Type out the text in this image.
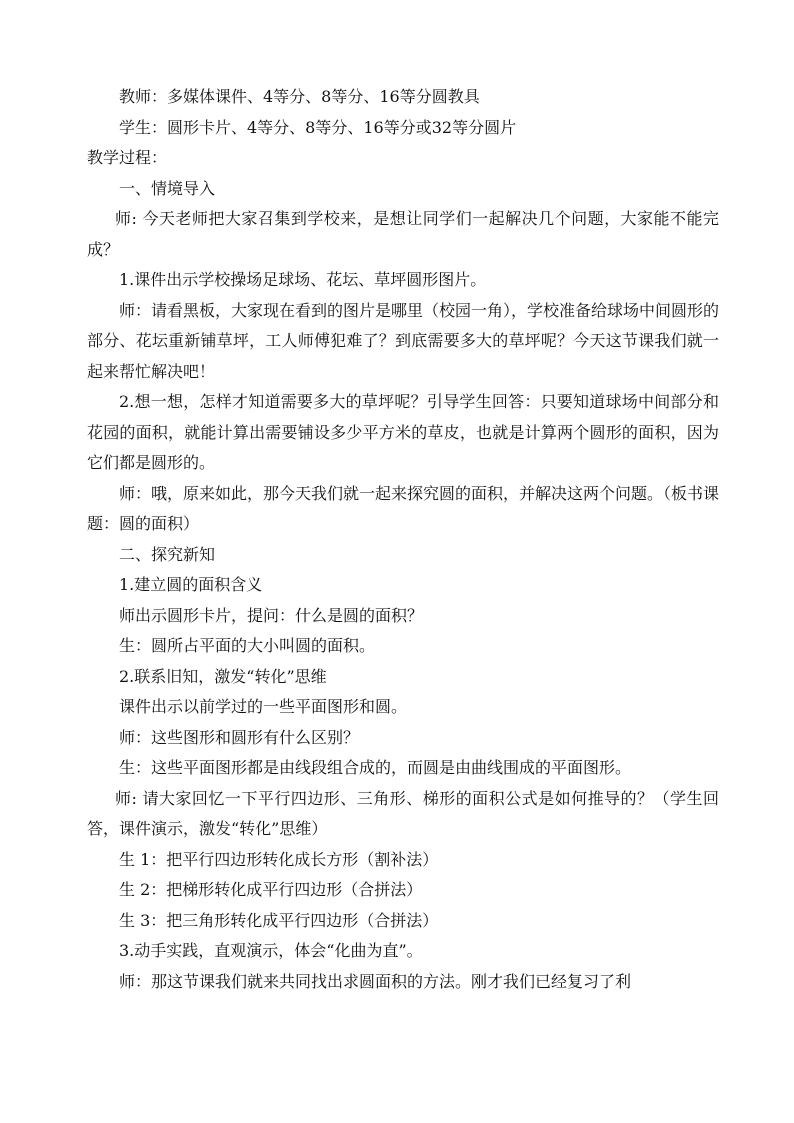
教师：多媒体课件、4等分、8等分、16等分圆教具

学生：圆形卡片、4等分、8等分、16等分或32等分圆片

教学过程：

一、情境导入

师: 今天老师把大家召集到学校来，是想让同学们一起解决几个问题，大家能不能完成？

1.课件出示学校操场足球场、花坛、草坪圆形图片。

师：请看黑板，大家现在看到的图片是哪里（校园一角），学校准备给球场中间圆形的部分、花坛重新铺草坪，工人师傅犯难了？到底需要多大的草坪呢？今天这节课我们就一起来帮忙解决吧！

2.想一想，怎样才知道需要多大的草坪呢？引导学生回答：只要知道球场中间部分和花园的面积，就能计算出需要铺设多少平方米的草皮，也就是计算两个圆形的面积，因为它们都是圆形的。

师：哦，原来如此，那今天我们就一起来探究圆的面积，并解决这两个问题。（板书课题：圆的面积）

二、探究新知

1.建立圆的面积含义

师出示圆形卡片，提问：什么是圆的面积？

生：圆所占平面的大小叫圆的面积。

2.联系旧知，激发“转化”思维

课件出示以前学过的一些平面图形和圆。

师：这些图形和圆形有什么区别？

生：这些平面图形都是由线段组合成的，而圆是由曲线围成的平面图形。

师: 请大家回忆一下平行四边形、三角形、梯形的面积公式是如何推导的？（学生回答，课件演示，激发“转化”思维）

生 1：把平行四边形转化成长方形（割补法）

生 2：把梯形转化成平行四边形（合拼法）

生 3：把三角形转化成平行四边形（合拼法）

3.动手实践，直观演示，体会“化曲为直”。

师：那这节课我们就来共同找出求圆面积的方法。刚才我们已经复习了利
